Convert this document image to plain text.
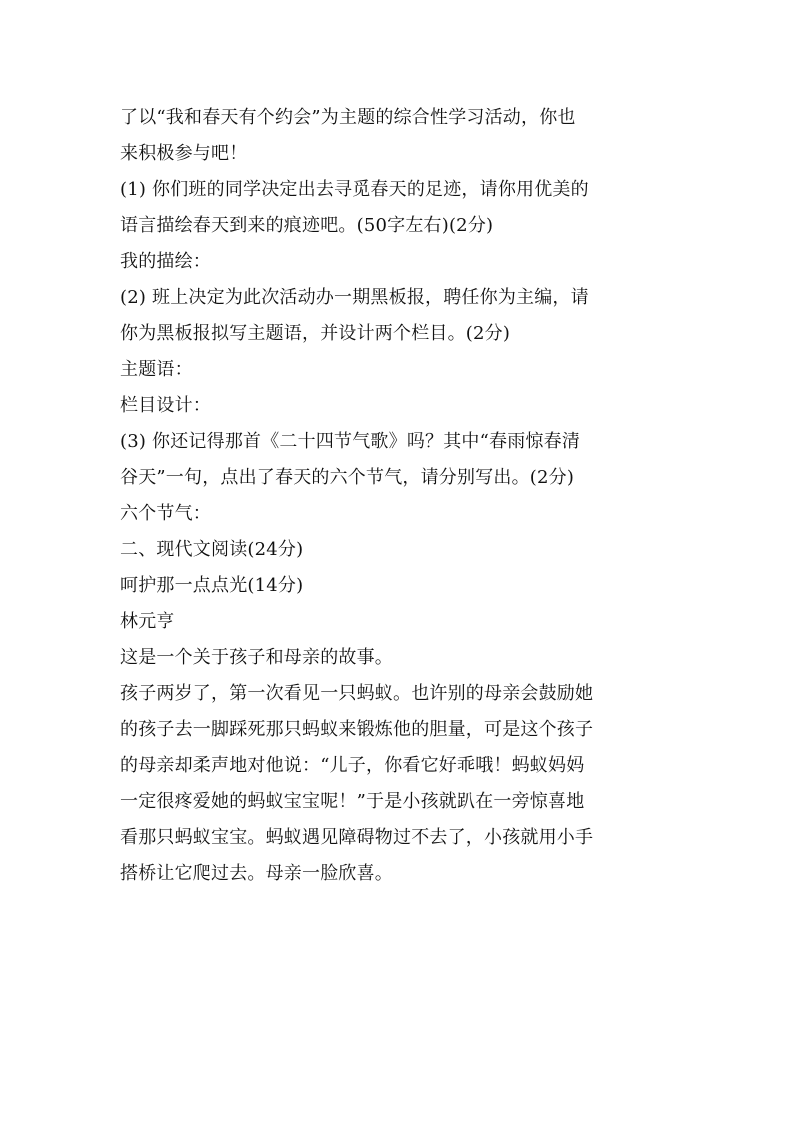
了以“我和春天有个约会”为主题的综合性学习活动，你也
来积极参与吧！
(1) 你们班的同学决定出去寻觅春天的足迹，请你用优美的
语言描绘春天到来的痕迹吧。(50字左右)(2分)
我的描绘：
(2) 班上决定为此次活动办一期黑板报，聘任你为主编，请
你为黑板报拟写主题语，并设计两个栏目。(2分)
主题语：
栏目设计：
(3) 你还记得那首《二十四节气歌》吗？其中“春雨惊春清
谷天”一句，点出了春天的六个节气，请分别写出。(2分)
六个节气：
二、现代文阅读(24分)
呵护那一点点光(14分)
林元亨
这是一个关于孩子和母亲的故事。
孩子两岁了，第一次看见一只蚂蚁。也许别的母亲会鼓励她
的孩子去一脚踩死那只蚂蚁来锻炼他的胆量，可是这个孩子
的母亲却柔声地对他说：“儿子，你看它好乖哦！蚂蚁妈妈
一定很疼爱她的蚂蚁宝宝呢！”于是小孩就趴在一旁惊喜地
看那只蚂蚁宝宝。蚂蚁遇见障碍物过不去了，小孩就用小手
搭桥让它爬过去。母亲一脸欣喜。
